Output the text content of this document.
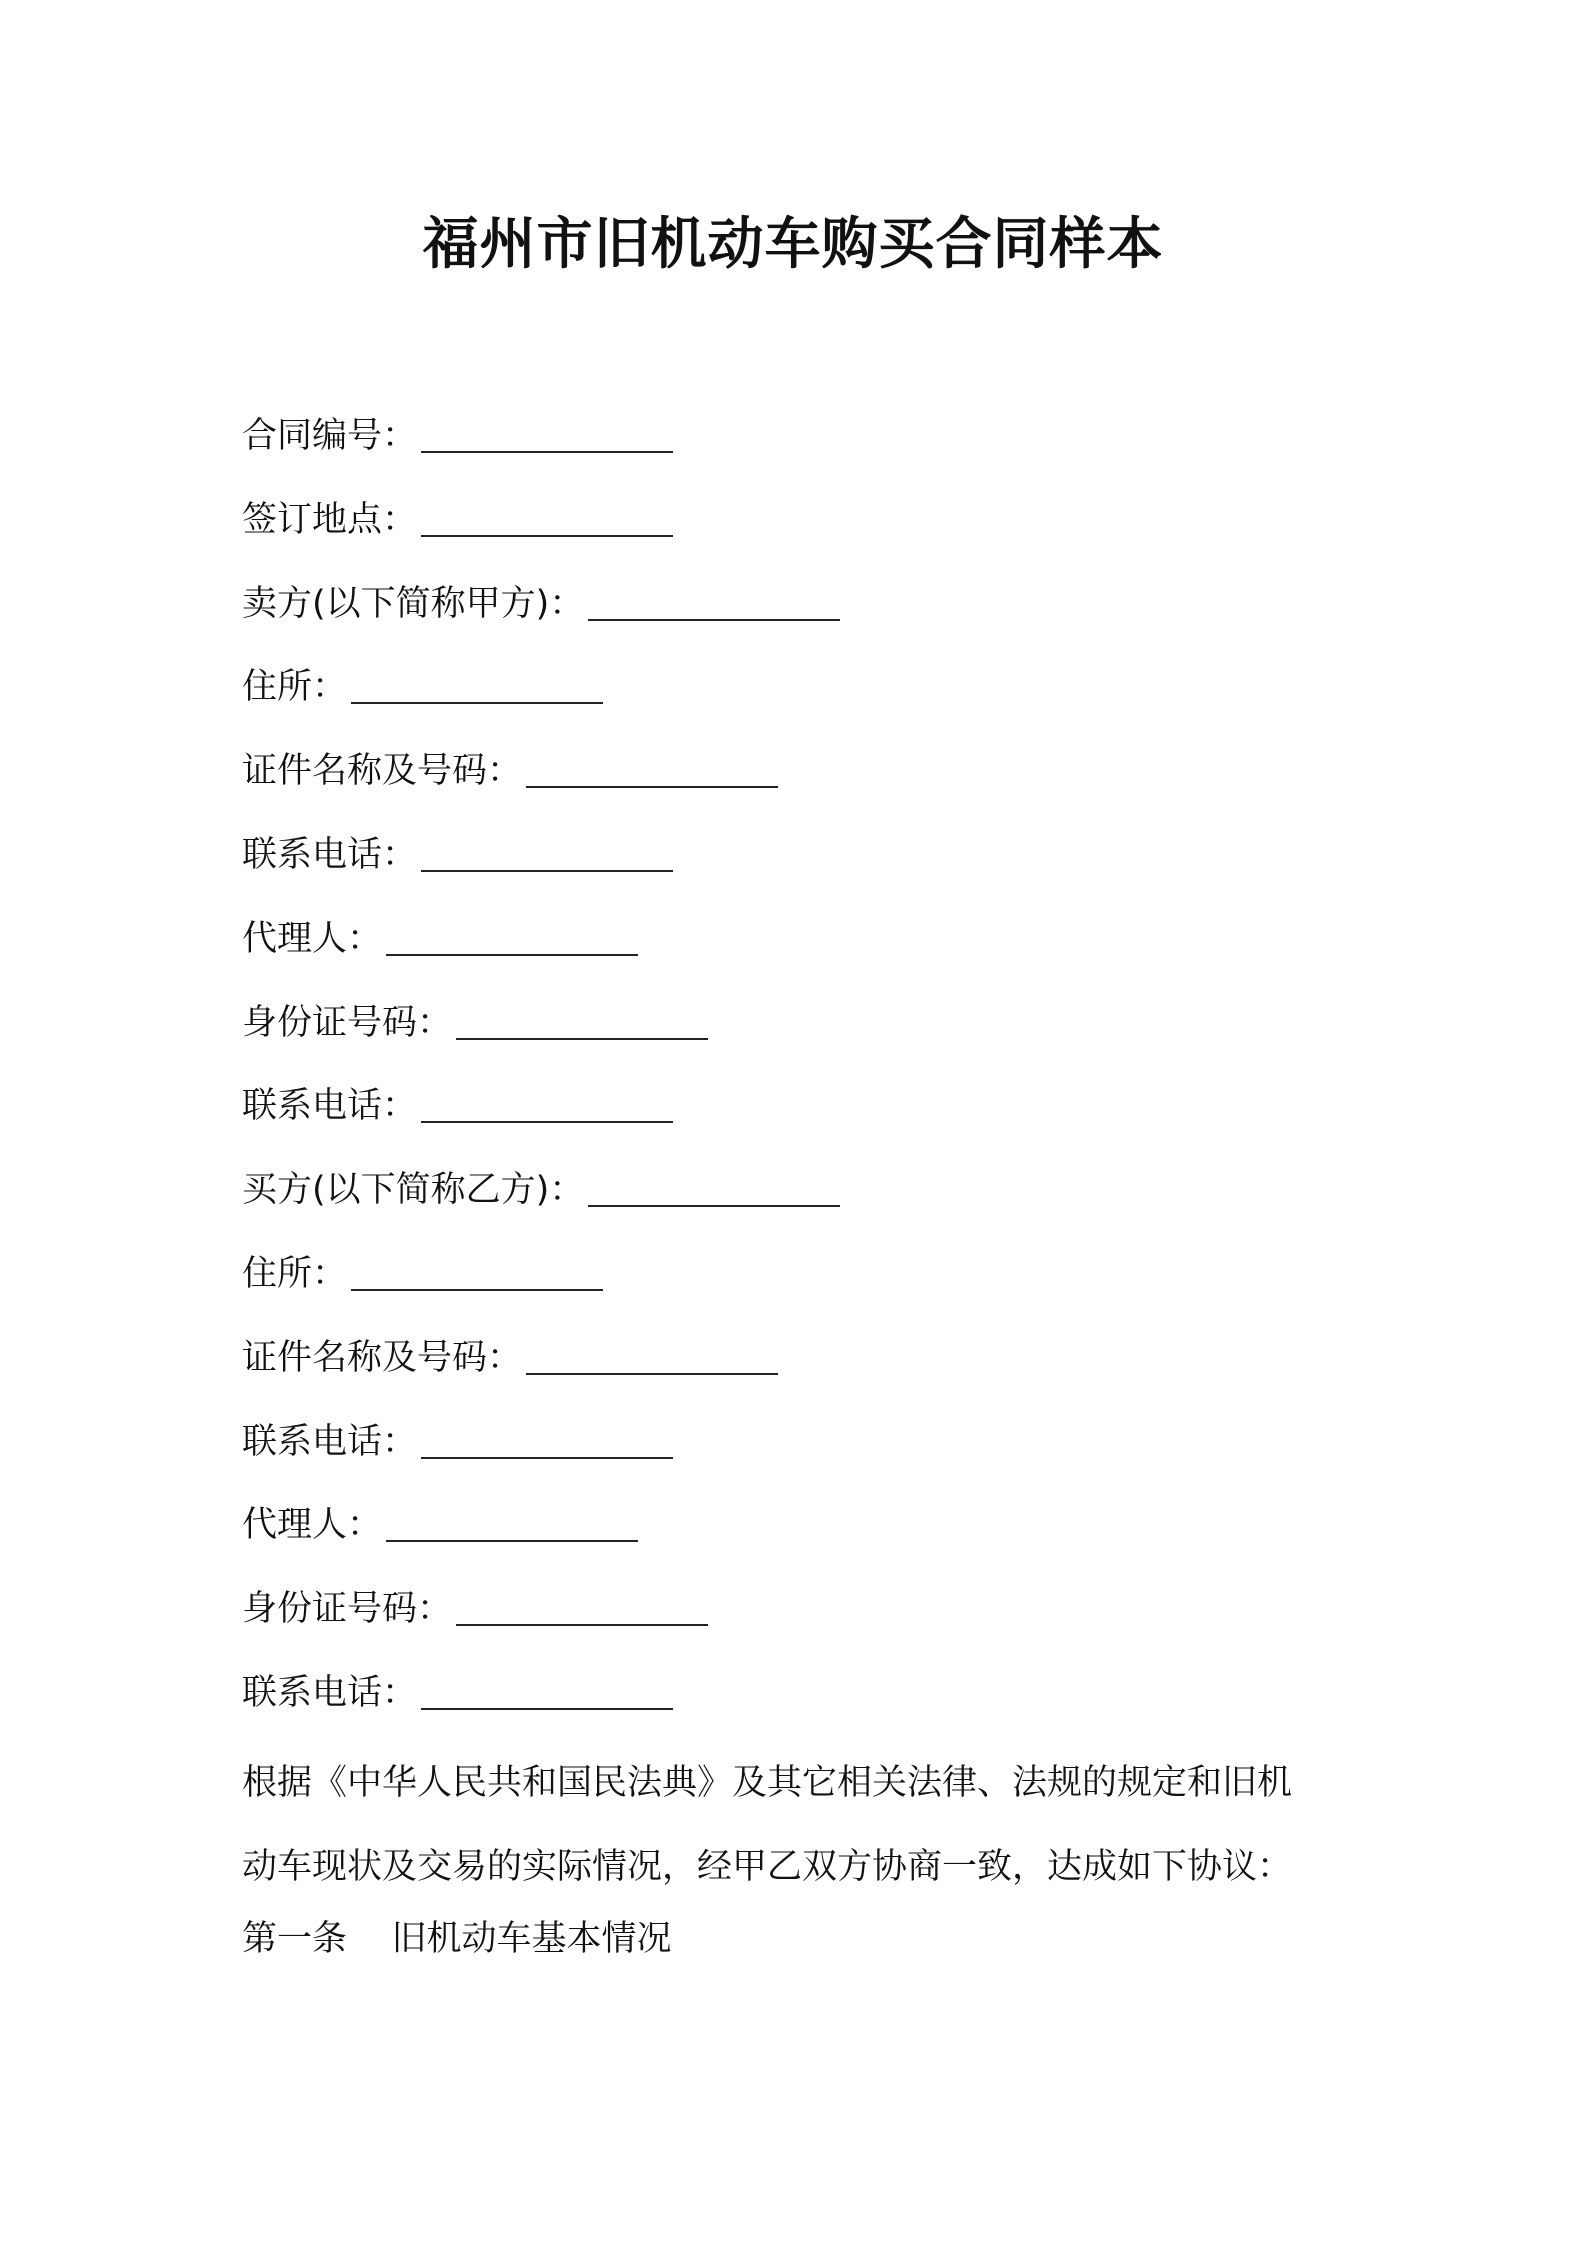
福州市旧机动车购买合同样本
合同编号：
签订地点：
卖方(以下简称甲方)：
住所：
证件名称及号码：
联系电话：
代理人：
身份证号码：
联系电话：
买方(以下简称乙方)：
住所：
证件名称及号码：
联系电话：
代理人：
身份证号码：
联系电话：

根据《中华人民共和国民法典》及其它相关法律、法规的规定和旧机

动车现状及交易的实际情况，经甲乙双方协商一致，达成如下协议：

第一条    旧机动车基本情况
